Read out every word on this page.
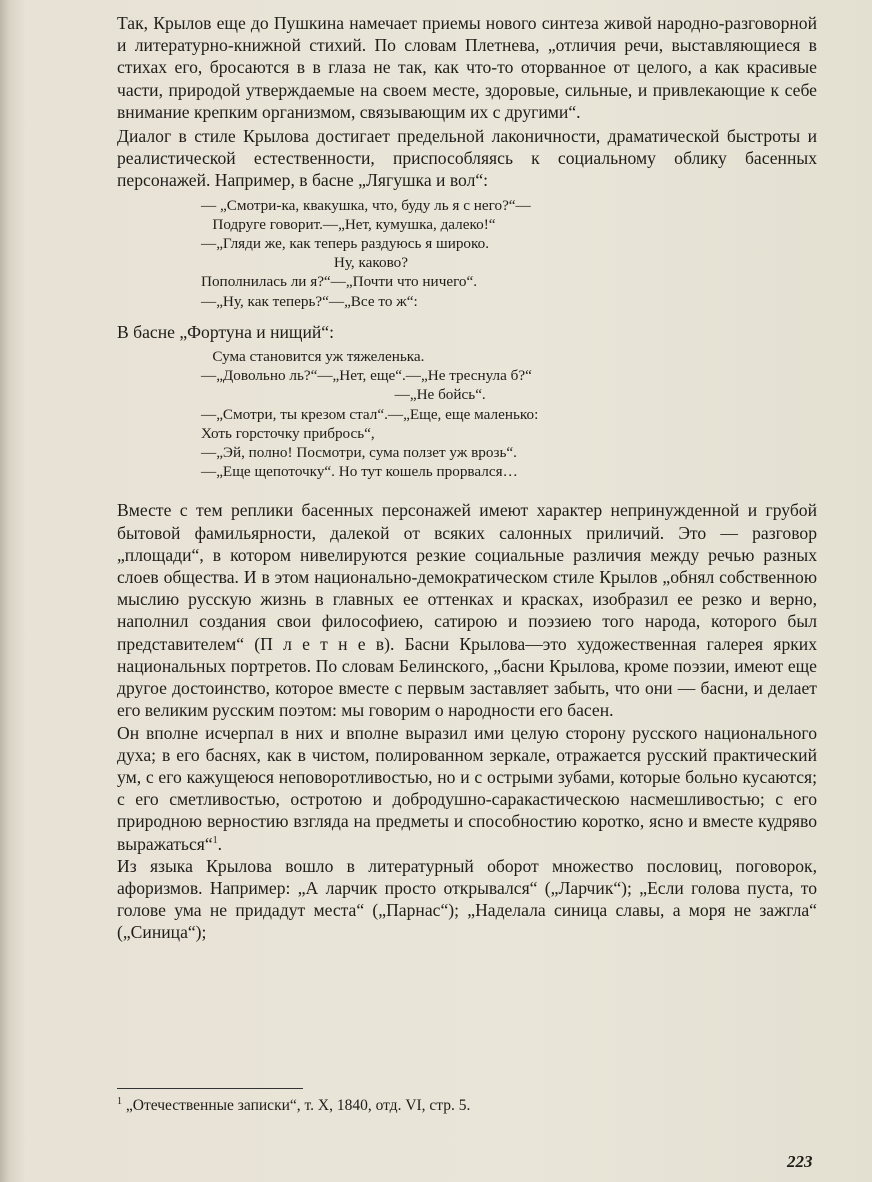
Так, Крылов еще до Пушкина намечает приемы нового синтеза живой народно-разговорной и литературно-книжной стихий. По словам Плетнева, „отличия речи, выставляющиеся в стихах его, бросаются в в глаза не так, как что-то оторванное от целого, а как красивые части, природой утверждаемые на своем месте, здоровые, сильные, и привлекающие к себе внимание крепким организмом, связывающим их с другими“.

Диалог в стиле Крылова достигает предельной лаконичности, драматической быстроты и реалистической естественности, приспособляясь к социальному облику басенных персонажей. Например, в басне „Лягушка и вол“:

— „Смотри-ка, квакушка, что, буду ль я с него?“—
Подруге говорит.—„Нет, кумушка, далеко!“
—„Гляди же, как теперь раздуюсь я широко.
Ну, каково?
Пополнилась ли я?“—„Почти что ничего“.
—„Ну, как теперь?“—„Все то ж“:

В басне „Фортуна и нищий“:

Сума становится уж тяжеленька.
—„Довольно ль?“—„Нет, еще“.—„Не треснула б?“
—„Не бойсь“.
—„Смотри, ты крезом стал“.—„Еще, еще маленько:
Хоть горсточку прибрось“,
—„Эй, полно! Посмотри, сума ползет уж врозь“.
—„Еще щепоточку“. Но тут кошель прорвался…

Вместе с тем реплики басенных персонажей имеют характер непринужденной и грубой бытовой фамильярности, далекой от всяких салонных приличий. Это — разговор „площади“, в котором нивелируются резкие социальные различия между речью разных слоев общества. И в этом национально-демократическом стиле Крылов „обнял собственною мыслию русскую жизнь в главных ее оттенках и красках, изобразил ее резко и верно, наполнил создания свои философиею, сатирою и поэзиею того народа, которого был представителем“ (П л е т н е в). Басни Крылова—это художественная галерея ярких национальных портретов. По словам Белинского, „басни Крылова, кроме поэзии, имеют еще другое достоинство, которое вместе с первым заставляет забыть, что они — басни, и делает его великим русским поэтом: мы говорим о народности его басен.

Он вполне исчерпал в них и вполне выразил ими целую сторону русского национального духа; в его баснях, как в чистом, полированном зеркале, отражается русский практический ум, с его кажущеюся неповоротливостью, но и с острыми зубами, которые больно кусаются; с его сметливостью, остротою и добродушно-саракастическою насмешливостью; с его природною верностию взгляда на предметы и способностию коротко, ясно и вместе кудряво выражаться“$^1$.

Из языка Крылова вошло в литературный оборот множество пословиц, поговорок, афоризмов. Например: „А ларчик просто открывался“ („Ларчик“); „Если голова пуста, то голове ума не придадут места“ („Парнас“); „Наделала синица славы, а моря не зажгла“ („Синица“);

$^1$ „Отечественные записки“, т. X, 1840, отд. VI, стр. 5.
223
